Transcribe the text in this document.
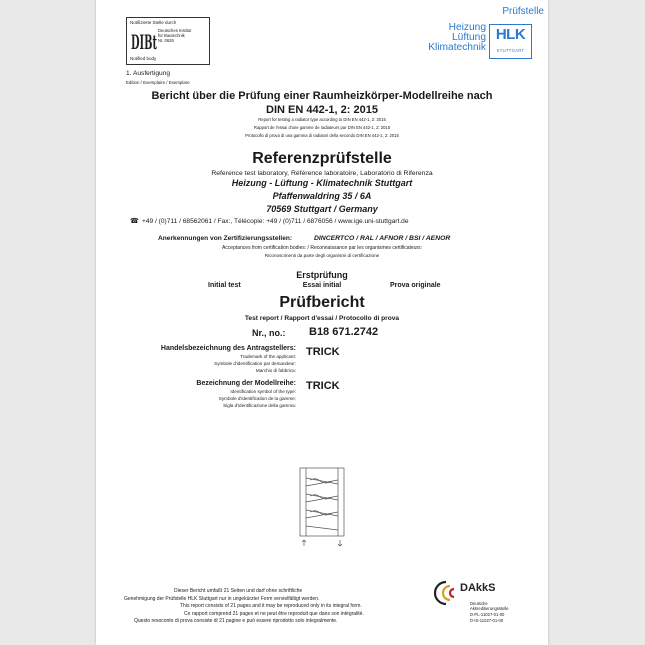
Notifizierte Stelle durch
DIBt Deutsches Institut
für Bautechnik
Nr. 0626
Notified body
Prüfstelle
Heizung
Lüftung
Klimatechnik
HLK
STUTTGART
1. Ausfertigung
Edition / Exemplaire / Esemplare
Bericht über die Prüfung einer Raumheizkörper-Modellreihe nach
DIN EN 442-1, 2: 2015
Report for testing a radiator type according to DIN EN 442-1, 2: 2015
Rapport de l'essai d'une gamme de radiateurs par DIN EN 442-1, 2: 2015
Protocollo di prova di una gamma di radiatori della secondo DIN EN 442-1, 2: 2015
Referenzprüfstelle
Reference test laboratory, Référence laboratoire, Laboratorio di Riferenza
Heizung - Lüftung - Klimatechnik Stuttgart
Pfaffenwaldring 35 / 6A
70569 Stuttgart / Germany
☎ +49 / (0)711 / 68562061 / Fax:, Télécopie: +49 / (0)711 / 6876056 / www.ige.uni-stuttgart.de
Anerkennungen von Zertifizierungsstellen:	DINCERTCO / RAL / AFNOR / BSI / AENOR
Acceptances from certification bodies: / Reconnaissance par les organismes certificateurs:
Riconoscimenti da parte degli organismi di certificazione
Erstprüfung
Initial test	Essai initial	Prova originale
Prüfbericht
Test report / Rapport d'essai / Protocollo di prova
Nr., no.: B18 671.2742
Handelsbezeichnung des Antragstellers:
Trademark of the applicant:
Symbole d'identification par demandeur:
Marchio di fabbrica:
TRICK
Bezeichnung der Modellreihe:
Identification symbol of the type:
Symbole d'identification de la gamme:
Sigla d'identificazione della gamma:
TRICK
Dieser Bericht umfaßt 21 Seiten und darf ohne schriftliche
Genehmigung der Prüfstelle HLK Stuttgart nur in ungekürzter Form vervielfältigt werden.
This report consists of 21 pages and it may be reproduced only in its integral form.
Ce rapport comprend 21 pages et ne peut être reproduit que dans son intégralité.
Questo resoconto di prova consiste di 21 pagine e può essere riprodotto solo integralmente.
DAkkS
Deutsche
Akkreditierungsstelle
D-PL-11027-01-00
D-IS-11027-01-00
